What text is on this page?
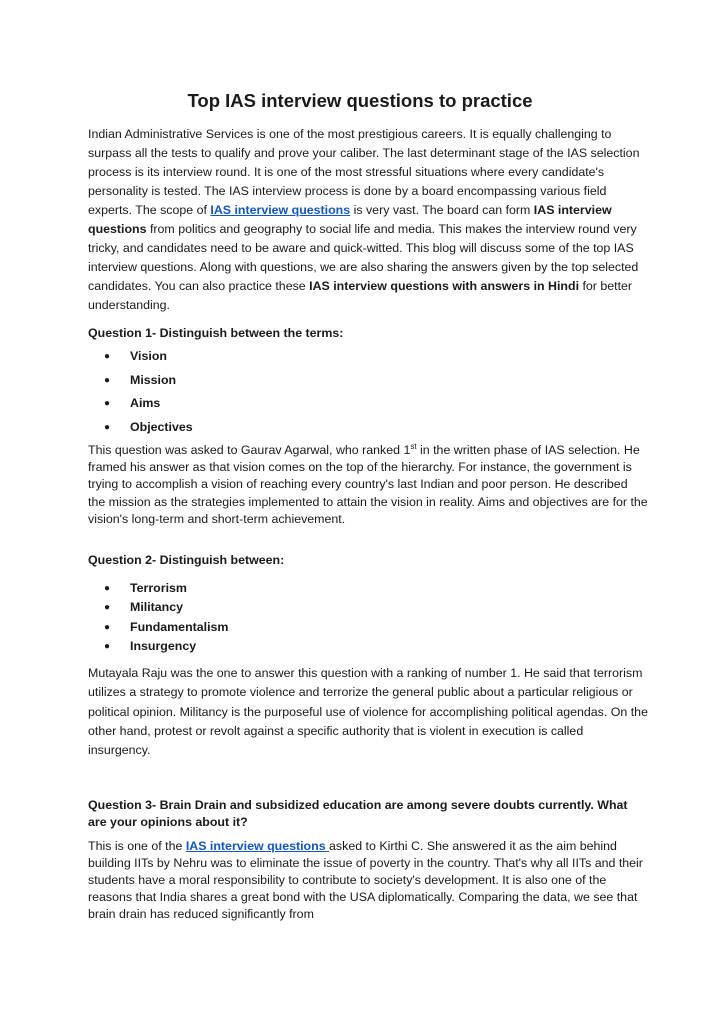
Top IAS interview questions to practice

Indian Administrative Services is one of the most prestigious careers. It is equally challenging to surpass all the tests to qualify and prove your caliber. The last determinant stage of the IAS selection process is its interview round. It is one of the most stressful situations where every candidate's personality is tested. The IAS interview process is done by a board encompassing various field experts. The scope of IAS interview questions is very vast. The board can form IAS interview questions from politics and geography to social life and media. This makes the interview round very tricky, and candidates need to be aware and quick-witted. This blog will discuss some of the top IAS interview questions. Along with questions, we are also sharing the answers given by the top selected candidates. You can also practice these IAS interview questions with answers in Hindi for better understanding.

Question 1- Distinguish between the terms:

● Vision
● Mission
● Aims
● Objectives

This question was asked to Gaurav Agarwal, who ranked 1st in the written phase of IAS selection. He framed his answer as that vision comes on the top of the hierarchy. For instance, the government is trying to accomplish a vision of reaching every country's last Indian and poor person. He described the mission as the strategies implemented to attain the vision in reality. Aims and objectives are for the vision's long-term and short-term achievement.

Question 2- Distinguish between:

● Terrorism
● Militancy
● Fundamentalism
● Insurgency

Mutayala Raju was the one to answer this question with a ranking of number 1. He said that terrorism utilizes a strategy to promote violence and terrorize the general public about a particular religious or political opinion. Militancy is the purposeful use of violence for accomplishing political agendas. On the other hand, protest or revolt against a specific authority that is violent in execution is called insurgency.

Question 3- Brain Drain and subsidized education are among severe doubts currently. What are your opinions about it?

This is one of the IAS interview questions asked to Kirthi C. She answered it as the aim behind building IITs by Nehru was to eliminate the issue of poverty in the country. That's why all IITs and their students have a moral responsibility to contribute to society's development. It is also one of the reasons that India shares a great bond with the USA diplomatically. Comparing the data, we see that brain drain has reduced significantly from
